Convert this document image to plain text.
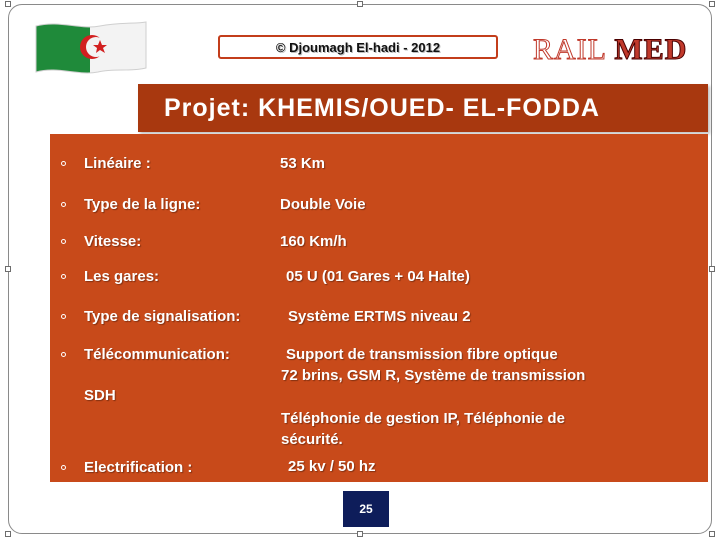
© Djoumagh El-hadi - 2012	RAIL MED
Projet: KHEMIS/OUED- EL-FODDA
Linéaire :	53 Km
Type de la ligne:	Double Voie
Vitesse:	160 Km/h
Les gares:	05 U (01 Gares + 04 Halte)
Type de signalisation:	Système ERTMS niveau 2
Télécommunication:	Support de transmission fibre optique
72 brins, GSM R, Système de transmission
SDH
Téléphonie de gestion IP, Téléphonie de
sécurité.
Electrification :	25 kv / 50 hz
25
